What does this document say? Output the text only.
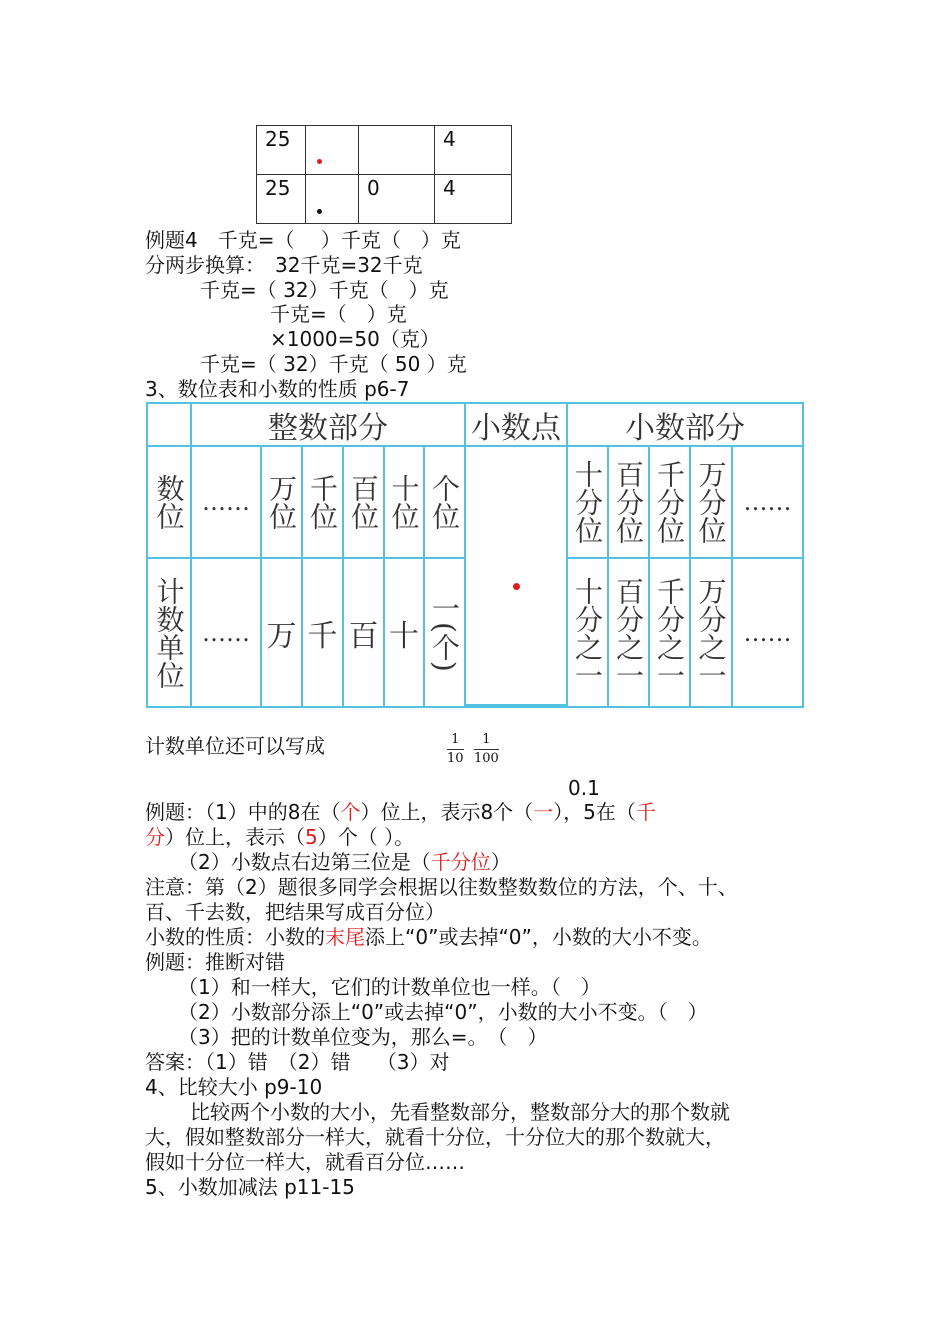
25			4
25		0	4
例题4　千克=（　 ）千克（　）克
分两步换算：　32千克=32千克
千克=（ 32）千克（　）克
千克=（　）克
×1000=50（克）
千克=（ 32）千克（ 50 ）克
3、数位表和小数的性质 p6-7
整数部分	小数点	小数部分
数位 …… 万位 千位 百位 十位 个位	十分位 百分位 千分位 万分位 ……
计数单位 …… 万 千 百 十 一(个)	十分之一 百分之一 千分之一 万分之一 ……
计数单位还可以写成	$\frac{1}{10} \frac{1}{100}$
0.1
例题：（1）中的8在（个）位上，表示8个（一），5在（千
分）位上，表示（5）个（ ）。
（2）小数点右边第三位是（千分位）
注意：第（2）题很多同学会根据以往数整数数位的方法，个、十、
百、千去数，把结果写成百分位）
小数的性质：小数的末尾添上“0”或去掉“0”，小数的大小不变。
例题：推断对错
（1）和一样大，它们的计数单位也一样。（　）
（2）小数部分添上“0”或去掉“0”，小数的大小不变。（　）
（3）把的计数单位变为，那么=。　（　）
答案：（1）错　（2）错　 （3）对
4、比较大小 p9-10
比较两个小数的大小，先看整数部分，整数部分大的那个数就
大，假如整数部分一样大，就看十分位，十分位大的那个数就大，
假如十分位一样大，就看百分位……
5、小数加减法 p11-15
